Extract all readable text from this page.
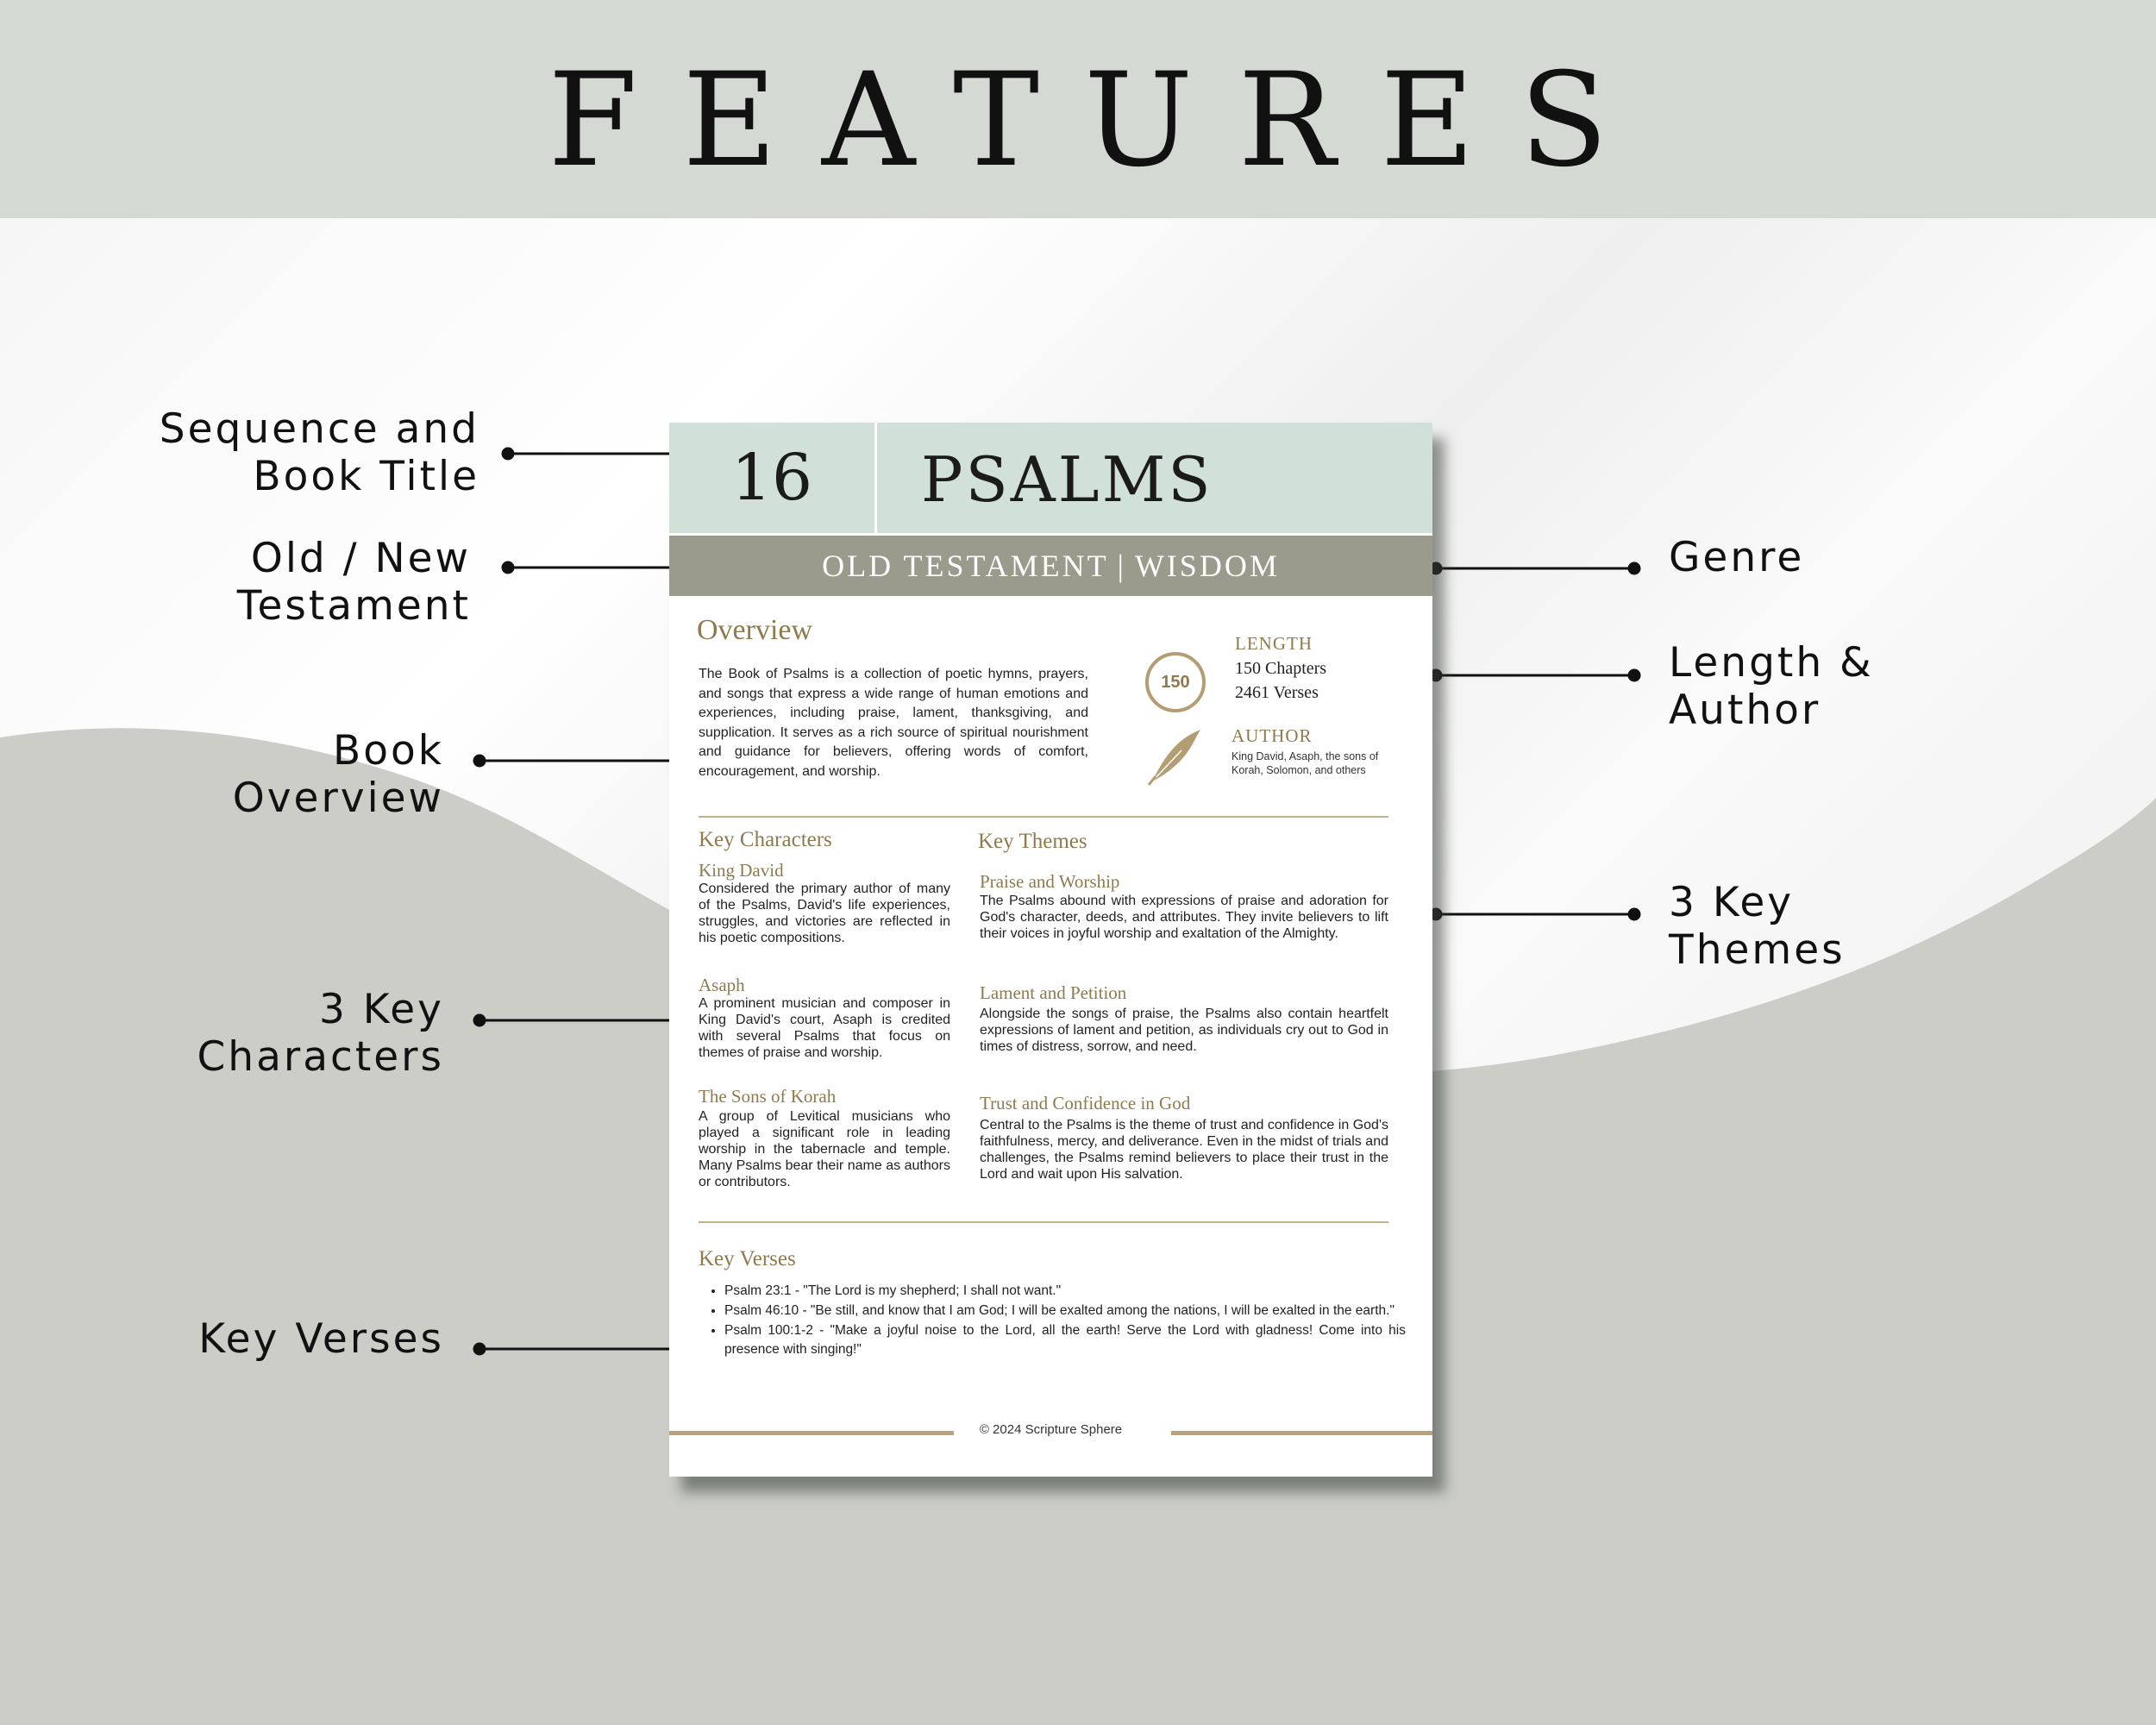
FEATURES
Sequence and
Book Title
Old / New
Testament
Book
Overview
3 Key
Characters
Key Verses
Genre
Length &
Author
3 Key
Themes
16	PSALMS
OLD TESTAMENT | WISDOM
Overview
The Book of Psalms is a collection of poetic hymns, prayers, and songs that express a wide range of human emotions and experiences, including praise, lament, thanksgiving, and supplication. It serves as a rich source of spiritual nourishment and guidance for believers, offering words of comfort, encouragement, and worship.
150
LENGTH
150 Chapters
2461 Verses
AUTHOR
King David, Asaph, the sons of Korah, Solomon, and others
Key Characters
King David
Considered the primary author of many of the Psalms, David's life experiences, struggles, and victories are reflected in his poetic compositions.
Asaph
A prominent musician and composer in King David's court, Asaph is credited with several Psalms that focus on themes of praise and worship.
The Sons of Korah
A group of Levitical musicians who played a significant role in leading worship in the tabernacle and temple. Many Psalms bear their name as authors or contributors.
Key Themes
Praise and Worship
The Psalms abound with expressions of praise and adoration for God's character, deeds, and attributes. They invite believers to lift their voices in joyful worship and exaltation of the Almighty.
Lament and Petition
Alongside the songs of praise, the Psalms also contain heartfelt expressions of lament and petition, as individuals cry out to God in times of distress, sorrow, and need.
Trust and Confidence in God
Central to the Psalms is the theme of trust and confidence in God's faithfulness, mercy, and deliverance. Even in the midst of trials and challenges, the Psalms remind believers to place their trust in the Lord and wait upon His salvation.
Key Verses
• Psalm 23:1 - "The Lord is my shepherd; I shall not want."
• Psalm 46:10 - "Be still, and know that I am God; I will be exalted among the nations, I will be exalted in the earth."
• Psalm 100:1-2 - "Make a joyful noise to the Lord, all the earth! Serve the Lord with gladness! Come into his presence with singing!"
© 2024 Scripture Sphere
